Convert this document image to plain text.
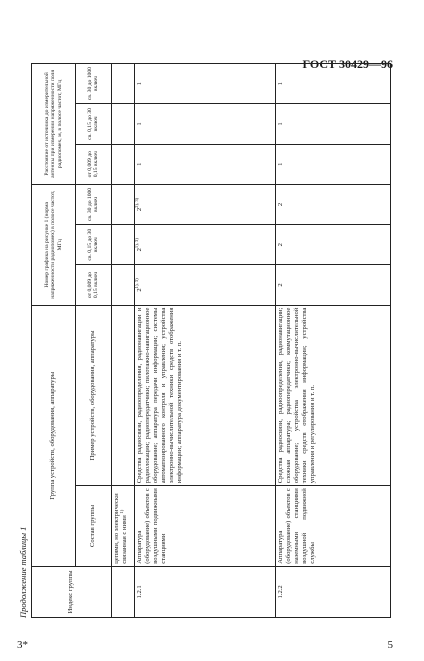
ГОСТ 30429—96
Продолжение таблицы 1	Индекс группы	Группа устройств, оборудования, аппаратуры		Номер графика на рисунке 1 (норма напряженности радиопомех) в полосе частот, МГц			Расстояние от источника до измерительной антенны при измерении напряженности поля радиопомех, м, в полосе частот, МГц		
	Состав группы	Пример устройств, оборудования, аппаратуры	от 0,009 до 0,15 включ	св. 0,15 до 30 включ	св. 30 до 1000 включ	от 0,009 до 0,15 включ	св. 0,15 до 30 включ	св. 30 до 1000 включ
	цепями, но электрически связанная с ними $^{1)}$							
1.2.1	Аппаратура (оборудование) объектов с воздушными подвижными станциями	Средства радиосвязи, радиоопределения, радионавигации и радиолокации; радиопередатчики; пилотажно-навигационное оборудование; аппаратура передачи информации; системы автоматизированного контроля и управления; устройства электронно-вычислительной техники средств отображения информации; аппаратура документирования и т. п.	$2^{1), 3)}$	$2^{1), 3)}$	$2^{2), 3)}$	1	1	1
1.2.2	Аппаратура (оборудование) объектов с наземными станциями воздушной подвижной службы	Средства радиосвязи, радиоопределения, радионавигации; сложная аппаратура; радиопередатчики; коммутационное оборудование; устройства электронно-вычислительной техники средств отображения информации; устройства управления и регулирования и т. п.	2	2	2	1	1	1
3*	5
